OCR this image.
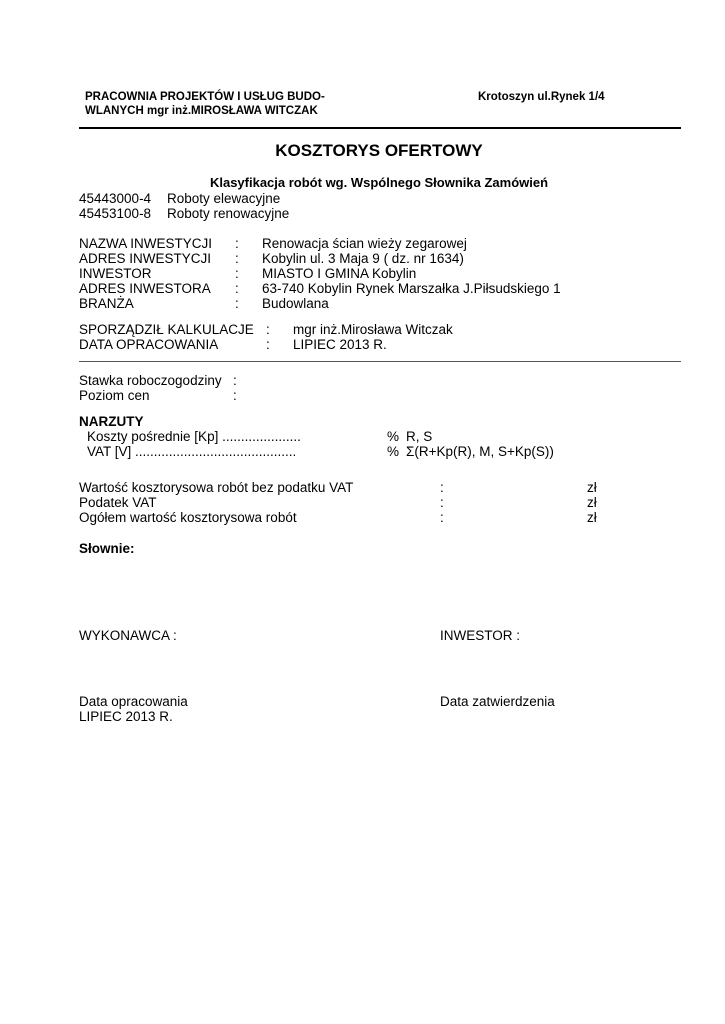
PRACOWNIA PROJEKTÓW I USŁUG BUDO-
WLANYCH mgr inż.MIROSŁAWA WITCZAK
Krotoszyn ul.Rynek 1/4
KOSZTORYS OFERTOWY
Klasyfikacja robót wg. Wspólnego Słownika Zamówień
45443000-4 Roboty elewacyjne
45453100-8 Roboty renowacyjne
NAZWA INWESTYCJI : Renowacja ścian wieży zegarowej
ADRES INWESTYCJI : Kobylin ul. 3 Maja 9 ( dz. nr 1634)
INWESTOR	: MIASTO I GMINA Kobylin
ADRES INWESTORA : 63-740 Kobylin Rynek Marszałka J.Piłsudskiego 1
BRANŻA	: Budowlana
SPORZĄDZIŁ KALKULACJE : mgr inż.Mirosława Witczak
DATA OPRACOWANIA	: LIPIEC 2013 R.
Stawka roboczogodziny :
Poziom cen	:
NARZUTY
Koszty pośrednie [Kp] .....................	% R, S
VAT [V] ...........................................	% Σ(R+Kp(R), M, S+Kp(S))
Wartość kosztorysowa robót bez podatku VAT	:	zł
Podatek VAT	:	zł
Ogółem wartość kosztorysowa robót	:	zł
Słownie:
WYKONAWCA :	INWESTOR :
Data opracowania	Data zatwierdzenia
LIPIEC 2013 R.
